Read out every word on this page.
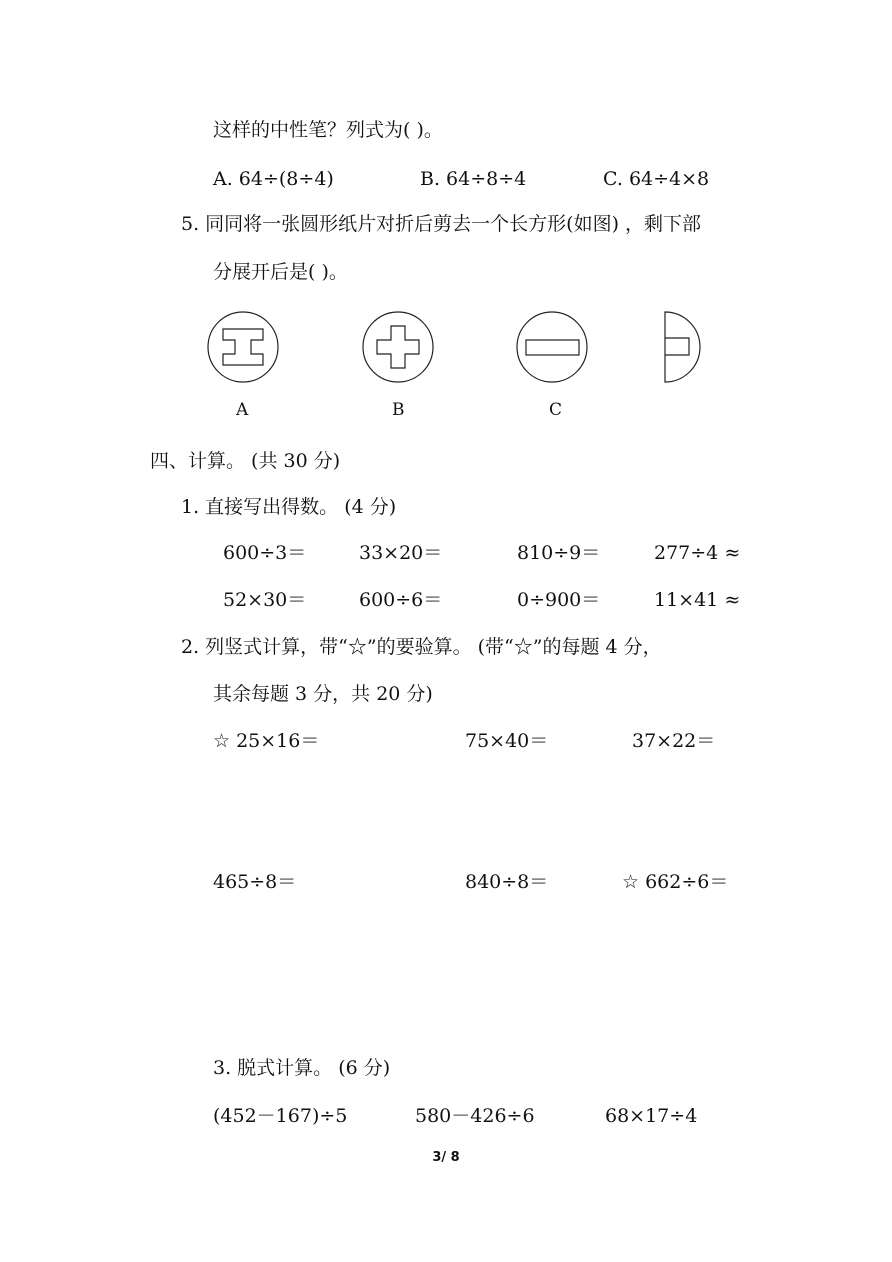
这样的中性笔？列式为( )。
A. 64÷(8÷4)	B. 64÷8÷4	C. 64÷4×8
5. 同同将一张圆形纸片对折后剪去一个长方形(如图) ，剩下部
分展开后是( )。
A	B	C
四、计算。 (共 30 分)
1. 直接写出得数。 (4 分)
600÷3＝	33×20＝	810÷9＝	277÷4 ≈
52×30＝	600÷6＝	0÷900＝	11×41 ≈
2. 列竖式计算，带“☆”的要验算。 (带“☆”的每题 4 分，
其余每题 3 分，共 20 分)
☆ 25×16＝	75×40＝	37×22＝
465÷8＝	840÷8＝	☆ 662÷6＝
3. 脱式计算。 (6 分)
(452－167)÷5	580－426÷6	68×17÷4
3/ 8
